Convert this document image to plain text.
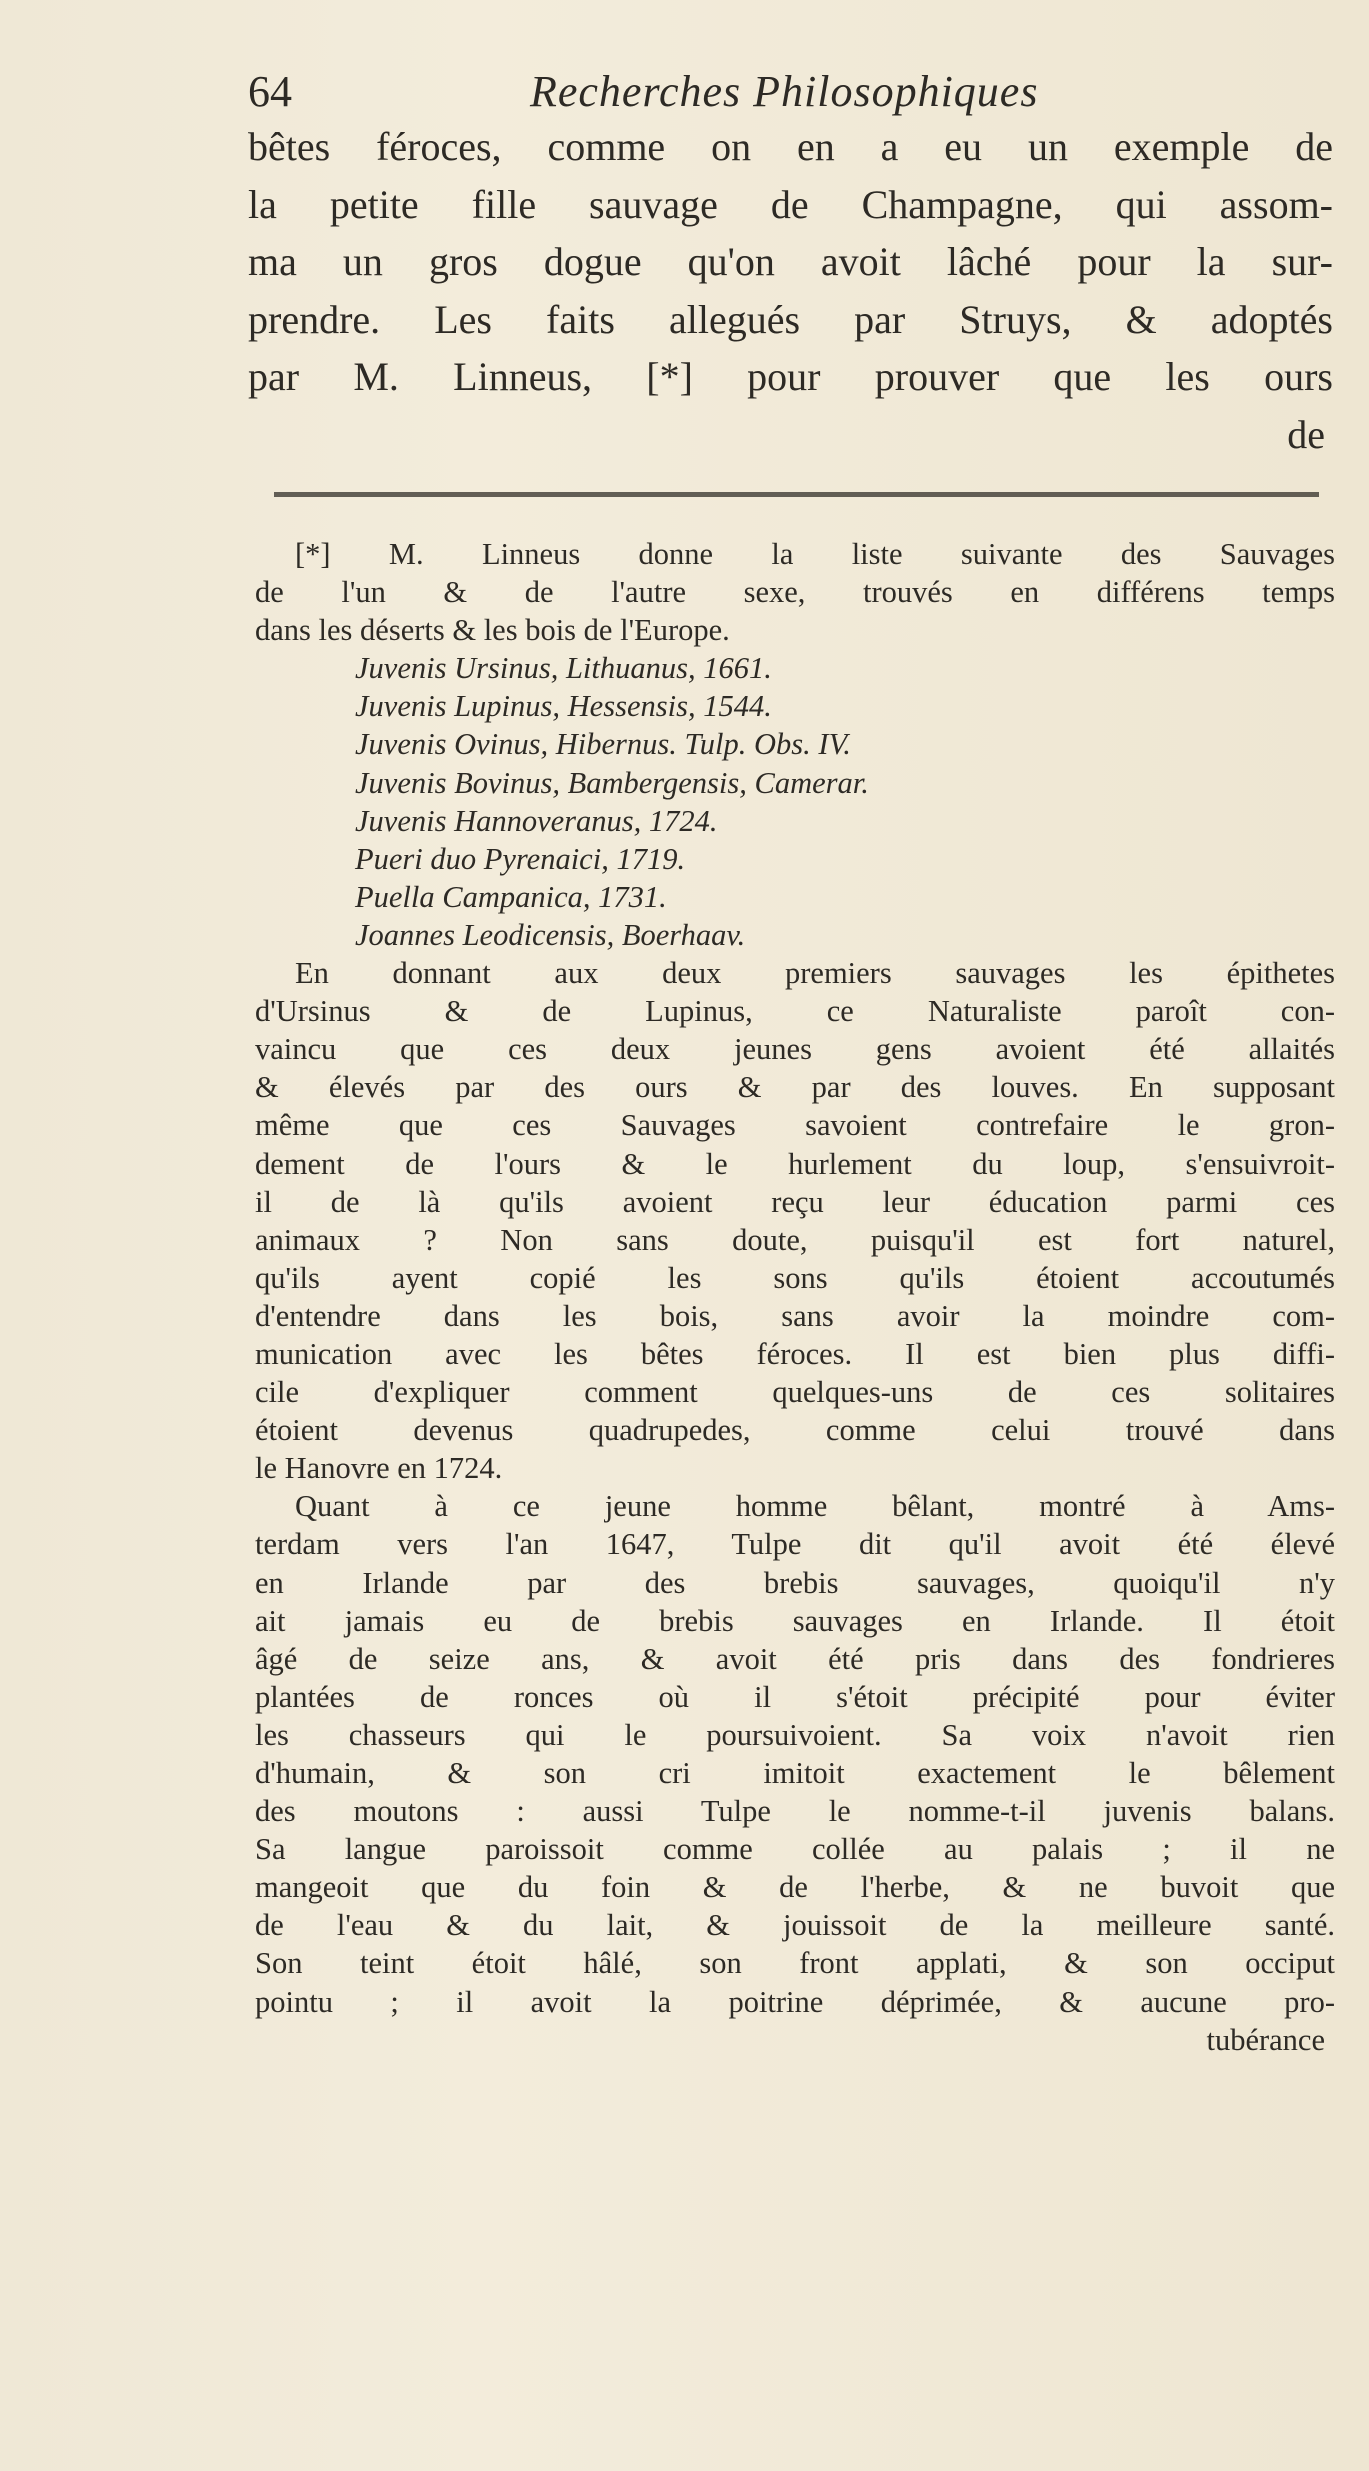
64	Recherches Philosophiques
bêtes féroces, comme on en a eu un exemple de
la petite fille sauvage de Champagne, qui assom-
ma un gros dogue qu'on avoit lâché pour la sur-
prendre. Les faits allegués par Struys, & adoptés
par M. Linneus, [*] pour prouver que les ours
de
[*] M. Linneus donne la liste suivante des Sauvages
de l'un & de l'autre sexe, trouvés en différens temps
dans les déserts & les bois de l'Europe.
Juvenis Ursinus, Lithuanus, 1661.
Juvenis Lupinus, Hessensis, 1544.
Juvenis Ovinus, Hibernus. Tulp. Obs. IV.
Juvenis Bovinus, Bambergensis, Camerar.
Juvenis Hannoveranus, 1724.
Pueri duo Pyrenaici, 1719.
Puella Campanica, 1731.
Joannes Leodicensis, Boerhaav.
En donnant aux deux premiers sauvages les épithetes
d'Ursinus & de Lupinus, ce Naturaliste paroît con-
vaincu que ces deux jeunes gens avoient été allaités
& élevés par des ours & par des louves. En supposant
même que ces Sauvages savoient contrefaire le gron-
dement de l'ours & le hurlement du loup, s'ensuivroit-
il de là qu'ils avoient reçu leur éducation parmi ces
animaux ? Non sans doute, puisqu'il est fort naturel,
qu'ils ayent copié les sons qu'ils étoient accoutumés
d'entendre dans les bois, sans avoir la moindre com-
munication avec les bêtes féroces. Il est bien plus diffi-
cile d'expliquer comment quelques-uns de ces solitaires
étoient devenus quadrupedes, comme celui trouvé dans
le Hanovre en 1724.
Quant à ce jeune homme bêlant, montré à Ams-
terdam vers l'an 1647, Tulpe dit qu'il avoit été élevé
en Irlande par des brebis sauvages, quoiqu'il n'y
ait jamais eu de brebis sauvages en Irlande. Il étoit
âgé de seize ans, & avoit été pris dans des fondrieres
plantées de ronces où il s'étoit précipité pour éviter
les chasseurs qui le poursuivoient. Sa voix n'avoit rien
d'humain, & son cri imitoit exactement le bêlement
des moutons : aussi Tulpe le nomme-t-il juvenis balans.
Sa langue paroissoit comme collée au palais ; il ne
mangeoit que du foin & de l'herbe, & ne buvoit que
de l'eau & du lait, & jouissoit de la meilleure santé.
Son teint étoit hâlé, son front applati, & son occiput
pointu ; il avoit la poitrine déprimée, & aucune pro-
tubérance
